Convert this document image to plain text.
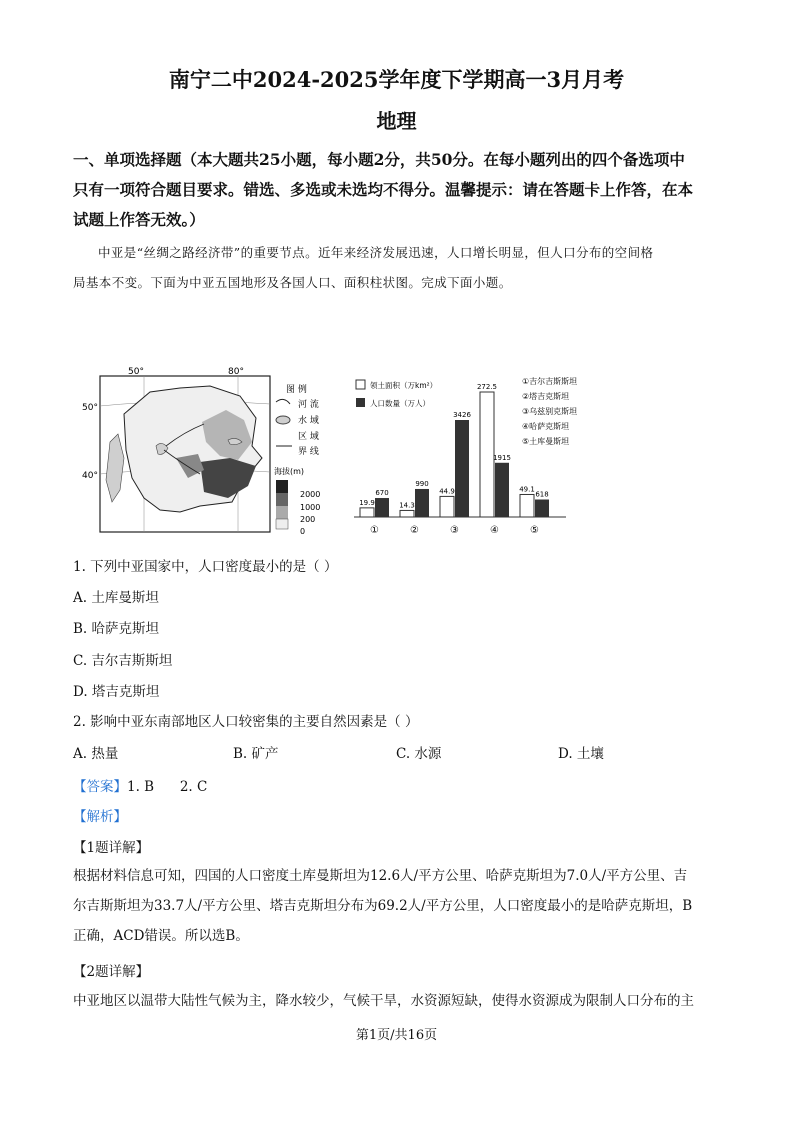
南宁二中2024-2025学年度下学期高一3月月考
地理
一、单项选择题（本大题共25小题，每小题2分，共50分。在每小题列出的四个备选项中
只有一项符合题目要求。错选、多选或未选均不得分。温馨提示：请在答题卡上作答，在本
试题上作答无效。）
中亚是“丝绸之路经济带”的重要节点。近年来经济发展迅速，人口增长明显，但人口分布的空间格
局基本不变。下面为中亚五国地形及各国人口、面积柱状图。完成下面小题。
50°	80°
50°
40°
图 例
河 流
水 域
区 域
界 线
海拔(m)
2000
1000
200
0
领土面积（万km²）
人口数量（万人）
①吉尔吉斯斯坦
②塔吉克斯坦
③乌兹别克斯坦
④哈萨克斯坦
⑤土库曼斯坦
19.9
670
①
14.3
990
②
44.9
3426
③
272.5
1915
④
49.1
618
⑤
1. 下列中亚国家中，人口密度最小的是（ ）
A. 土库曼斯坦
B. 哈萨克斯坦
C. 吉尔吉斯斯坦
D. 塔吉克斯坦
2. 影响中亚东南部地区人口较密集的主要自然因素是（ ）
A. 热量	B. 矿产	C. 水源	D. 土壤
【答案】1. B      2. C
【解析】
【1题详解】
根据材料信息可知，四国的人口密度土库曼斯坦为12.6人/平方公里、哈萨克斯坦为7.0人/平方公里、吉
尔吉斯斯坦为33.7人/平方公里、塔吉克斯坦分布为69.2人/平方公里，人口密度最小的是哈萨克斯坦，B
正确，ACD错误。所以选B。
【2题详解】
中亚地区以温带大陆性气候为主，降水较少，气候干旱，水资源短缺，使得水资源成为限制人口分布的主
第1页/共16页
